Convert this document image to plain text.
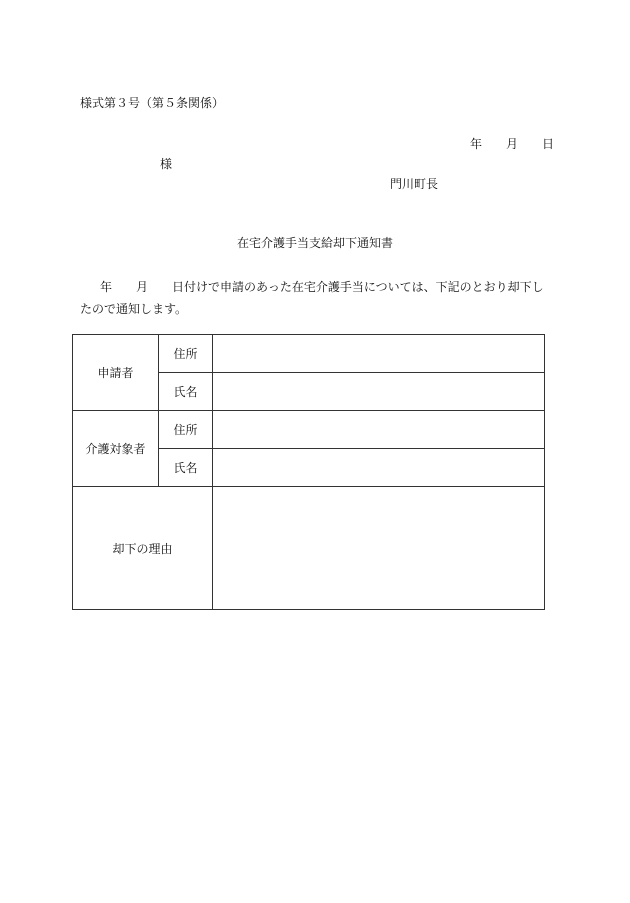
様式第３号（第５条関係）
年 月 日
様
門川町長
在宅介護手当支給却下通知書
年　　月　　日付けで申請のあった在宅介護手当については、下記のとおり却下したので通知します。
申請者	住所	
	氏名	
介護対象者	住所	
	氏名	
却下の理由		
